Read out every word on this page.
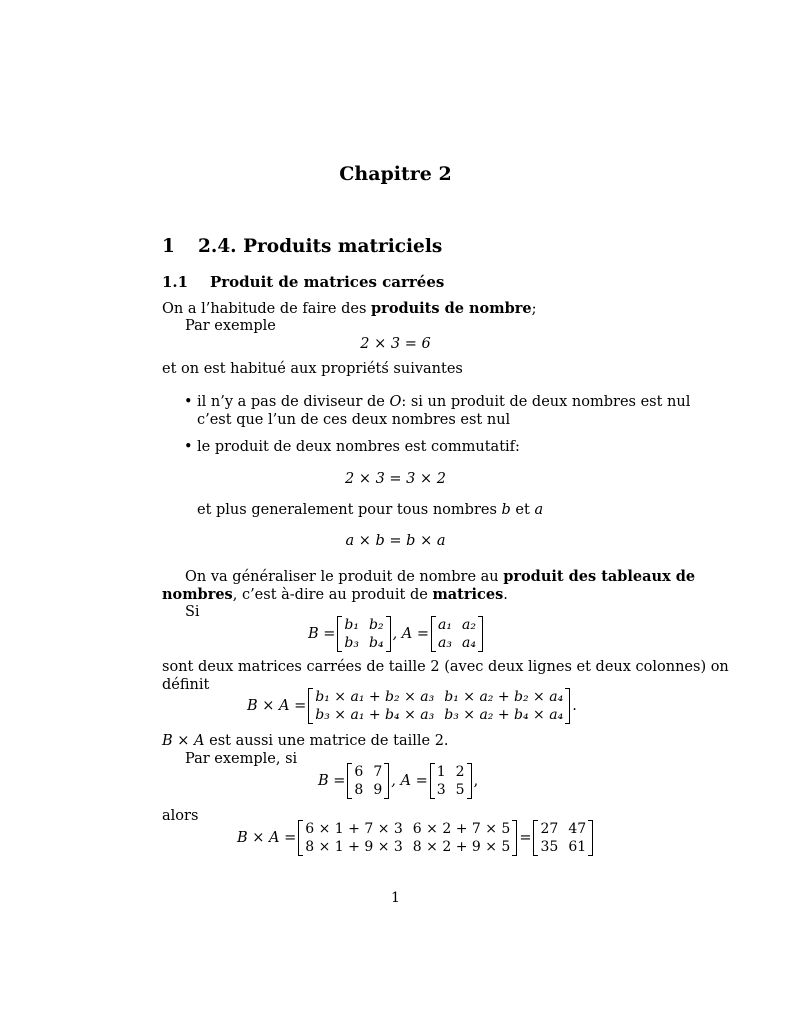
Chapitre 2
1 2.4. Produits matriciels
1.1 Produit de matrices carrées
On a l’habitude de faire des produits de nombre;
Par exemple
2 × 3 = 6
et on est habitué aux propriétś suivantes
• il n’y a pas de diviseur de O: si un produit de deux nombres est nul
c’est que l’un de ces deux nombres est nul
• le produit de deux nombres est commutatif:
2 × 3 = 3 × 2
et plus generalement pour tous nombres b et a
a × b = b × a
On va généraliser le produit de nombre au produit des tableaux de
nombres, c’est à-dire au produit de matrices.
Si
B =
b₁	b₂
b₃	b₄
, A =
a₁	a₂
a₃	a₄
sont deux matrices carrées de taille 2 (avec deux lignes et deux colonnes) on
définit
B × A =
b₁ × a₁ + b₂ × a₃	b₁ × a₂ + b₂ × a₄
b₃ × a₁ + b₄ × a₃	b₃ × a₂ + b₄ × a₄
.
B × A est aussi une matrice de taille 2.
Par exemple, si
B =
6	7
8	9
, A =
1	2
3	5
,
alors
B × A =
6 × 1 + 7 × 3	6 × 2 + 7 × 5
8 × 1 + 9 × 3	8 × 2 + 9 × 5
=
27	47
35	61
1
